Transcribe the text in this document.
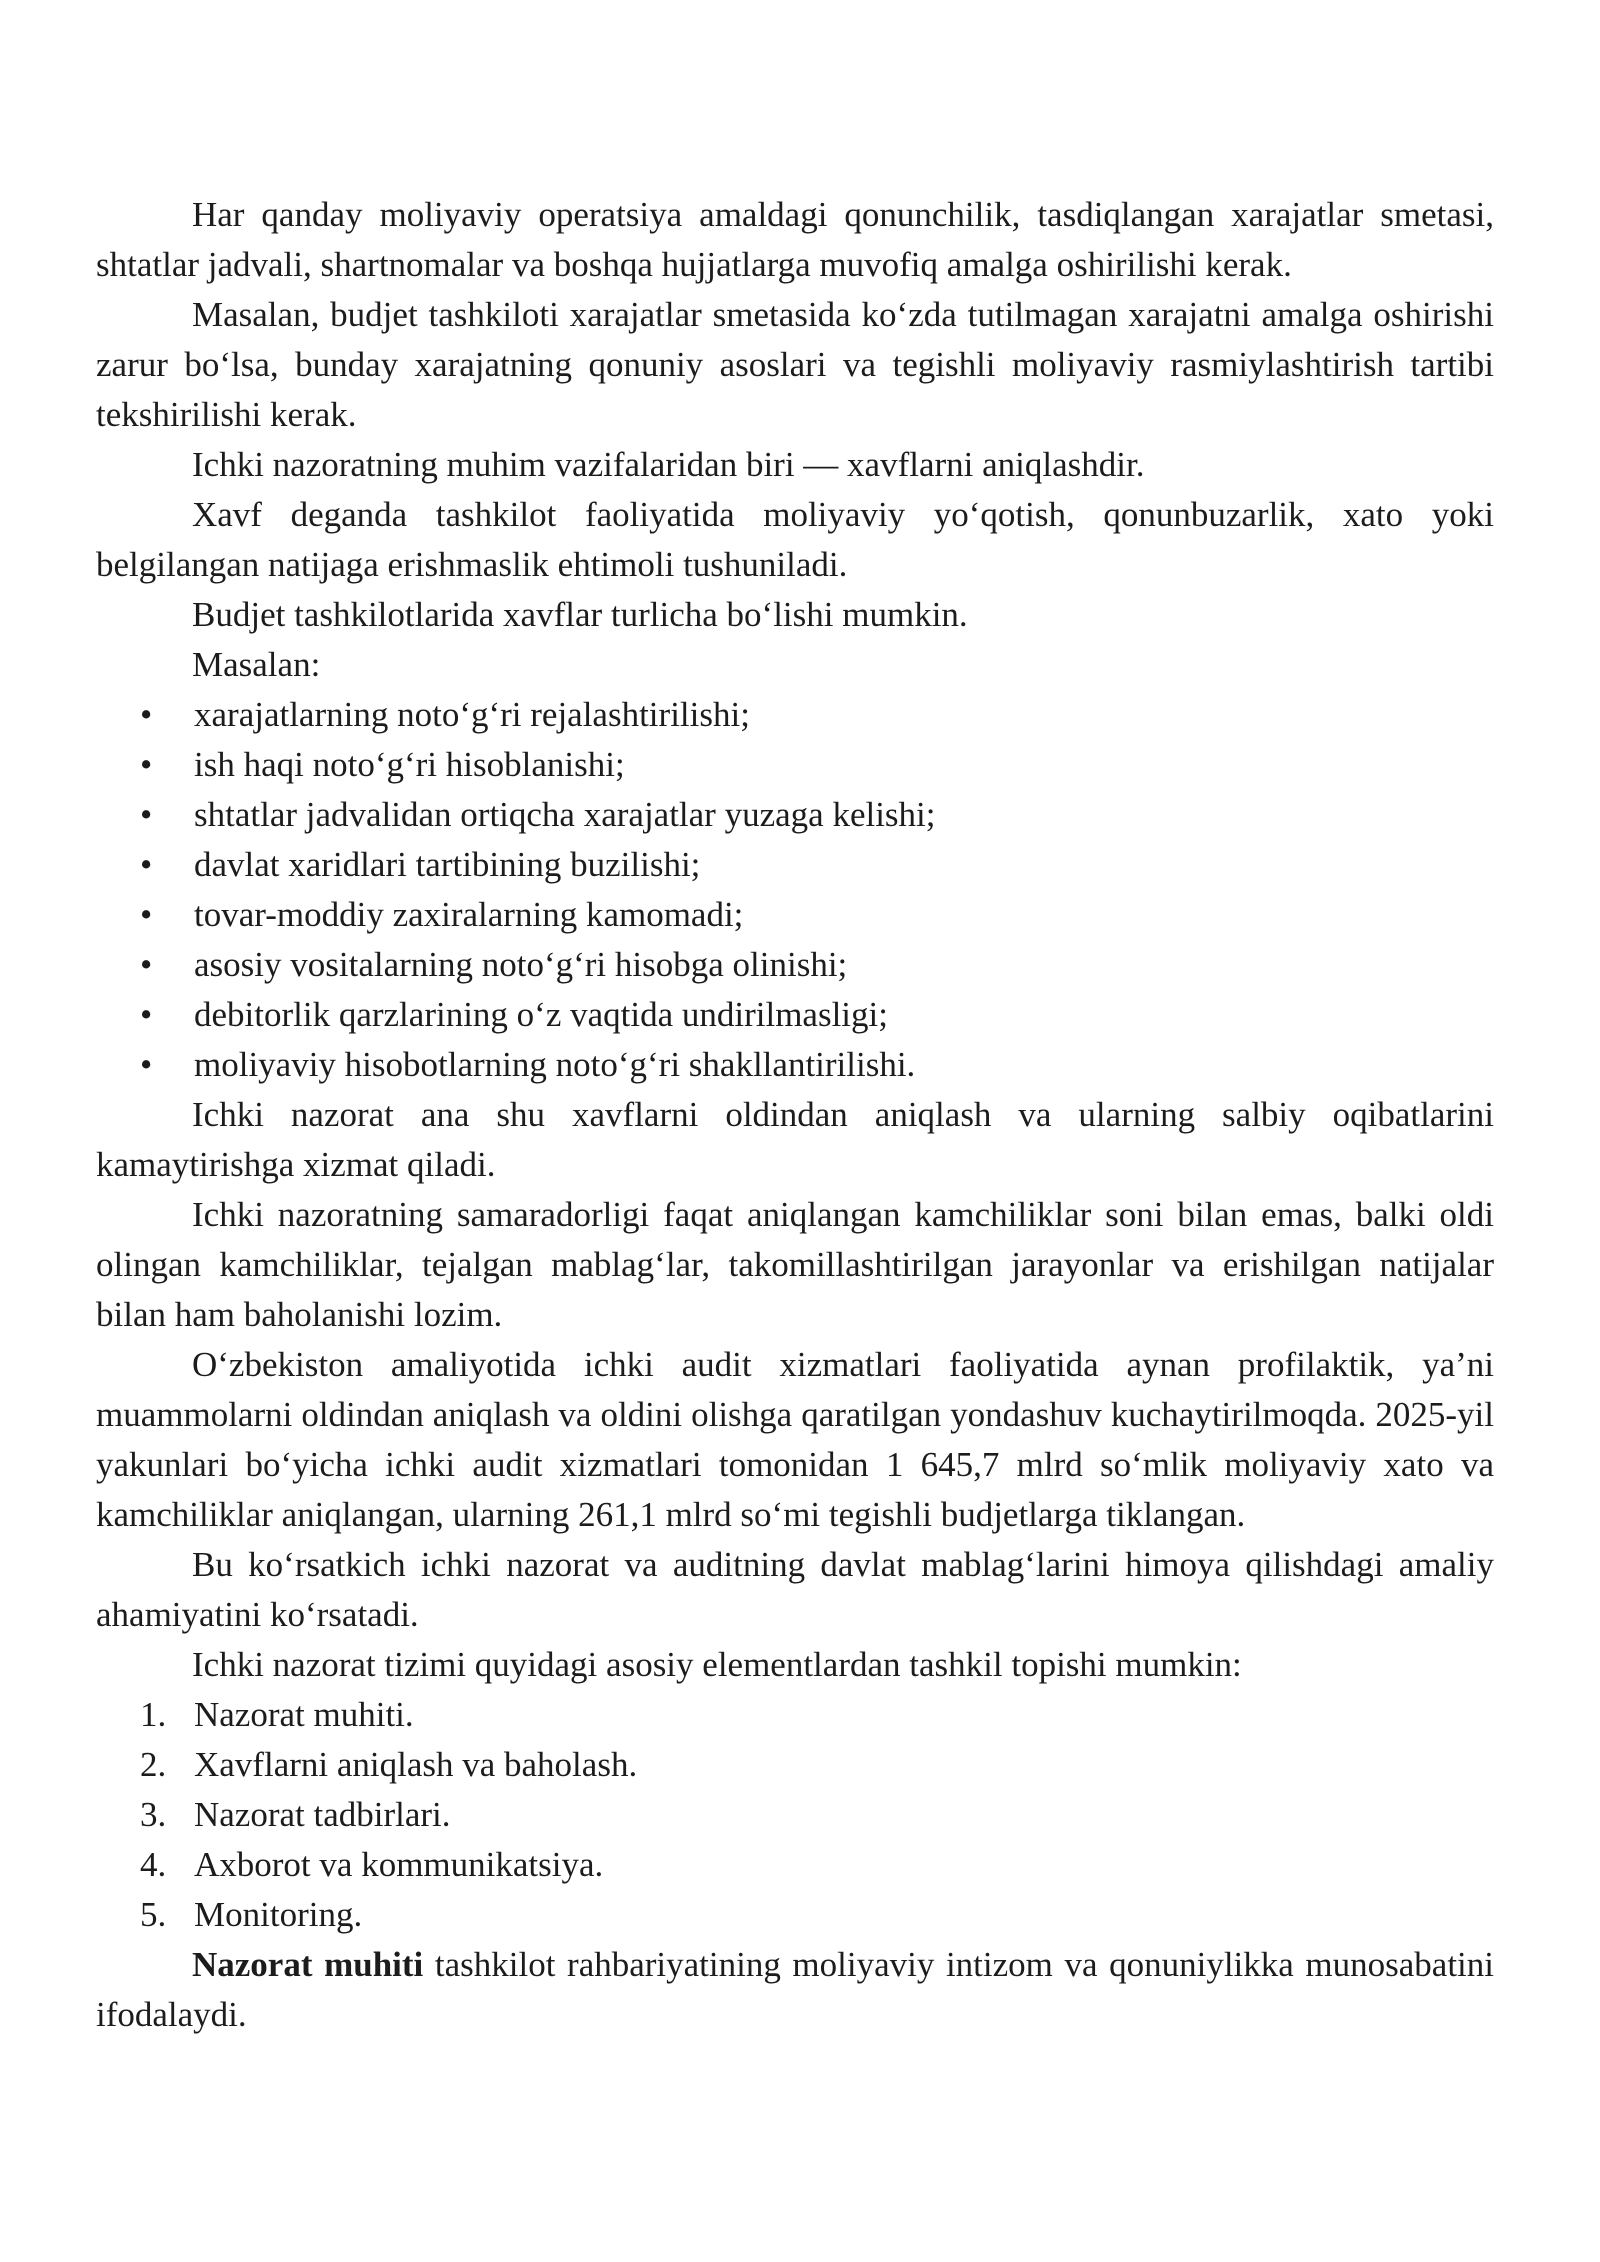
Har qanday moliyaviy operatsiya amaldagi qonunchilik, tasdiqlangan xarajatlar smetasi, shtatlar jadvali, shartnomalar va boshqa hujjatlarga muvofiq amalga oshirilishi kerak.

Masalan, budjet tashkiloti xarajatlar smetasida ko‘zda tutilmagan xarajatni amalga oshirishi zarur bo‘lsa, bunday xarajatning qonuniy asoslari va tegishli moliyaviy rasmiylashtirish tartibi tekshirilishi kerak.

Ichki nazoratning muhim vazifalaridan biri — xavflarni aniqlashdir.

Xavf deganda tashkilot faoliyatida moliyaviy yo‘qotish, qonunbuzarlik, xato yoki belgilangan natijaga erishmaslik ehtimoli tushuniladi.

Budjet tashkilotlarida xavflar turlicha bo‘lishi mumkin.

Masalan:

• xarajatlarning noto‘g‘ri rejalashtirilishi;
• ish haqi noto‘g‘ri hisoblanishi;
• shtatlar jadvalidan ortiqcha xarajatlar yuzaga kelishi;
• davlat xaridlari tartibining buzilishi;
• tovar-moddiy zaxiralarning kamomadi;
• asosiy vositalarning noto‘g‘ri hisobga olinishi;
• debitorlik qarzlarining o‘z vaqtida undirilmasligi;
• moliyaviy hisobotlarning noto‘g‘ri shakllantirilishi.

Ichki nazorat ana shu xavflarni oldindan aniqlash va ularning salbiy oqibatlarini kamaytirishga xizmat qiladi.

Ichki nazoratning samaradorligi faqat aniqlangan kamchiliklar soni bilan emas, balki oldi olingan kamchiliklar, tejalgan mablag‘lar, takomillashtirilgan jarayonlar va erishilgan natijalar bilan ham baholanishi lozim.

O‘zbekiston amaliyotida ichki audit xizmatlari faoliyatida aynan profilaktik, ya’ni muammolarni oldindan aniqlash va oldini olishga qaratilgan yondashuv kuchaytirilmoqda. 2025-yil yakunlari bo‘yicha ichki audit xizmatlari tomonidan 1 645,7 mlrd so‘mlik moliyaviy xato va kamchiliklar aniqlangan, ularning 261,1 mlrd so‘mi tegishli budjetlarga tiklangan.

Bu ko‘rsatkich ichki nazorat va auditning davlat mablag‘larini himoya qilishdagi amaliy ahamiyatini ko‘rsatadi.

Ichki nazorat tizimi quyidagi asosiy elementlardan tashkil topishi mumkin:

1. Nazorat muhiti.
2. Xavflarni aniqlash va baholash.
3. Nazorat tadbirlari.
4. Axborot va kommunikatsiya.
5. Monitoring.

Nazorat muhiti tashkilot rahbariyatining moliyaviy intizom va qonuniylikka munosabatini ifodalaydi.
